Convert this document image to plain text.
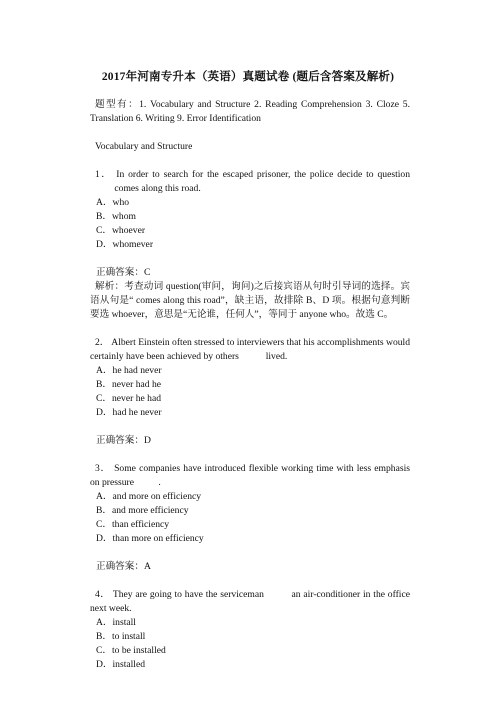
2017年河南专升本（英语）真题试卷 (题后含答案及解析)

题型有：1. Vocabulary and Structure 2. Reading Comprehension 3. Cloze 5. Translation 6. Writing 9. Error Identification

Vocabulary and Structure

1． In order to search for the escaped prisoner, the police decide to question  comes along this road.

A．who
B．whom
C．whoever
D．whomever
正确答案：C

解析：考查动词 question(审问，询问)之后接宾语从句时引导词的选择。宾语从句是“ comes along this road”，缺主语，故排除 B、D 项。根据句意判断要选 whoever，意思是“无论谁，任何人”，等同于 anyone who。故选 C。

2． Albert Einstein often stressed to interviewers that his accomplishments would certainly have been achieved by others	lived.

A．he had never
B．never had he
C．never he had
D．had he never
正确答案：D

3． Some companies have introduced flexible working time with less emphasis on pressure	.

A．and more on efficiency
B．and more efficiency
C．than efficiency
D．than more on efficiency
正确答案：A

4． They are going to have the serviceman	an air-conditioner in the office next week.

A．install
B．to install
C．to be installed
D．installed
